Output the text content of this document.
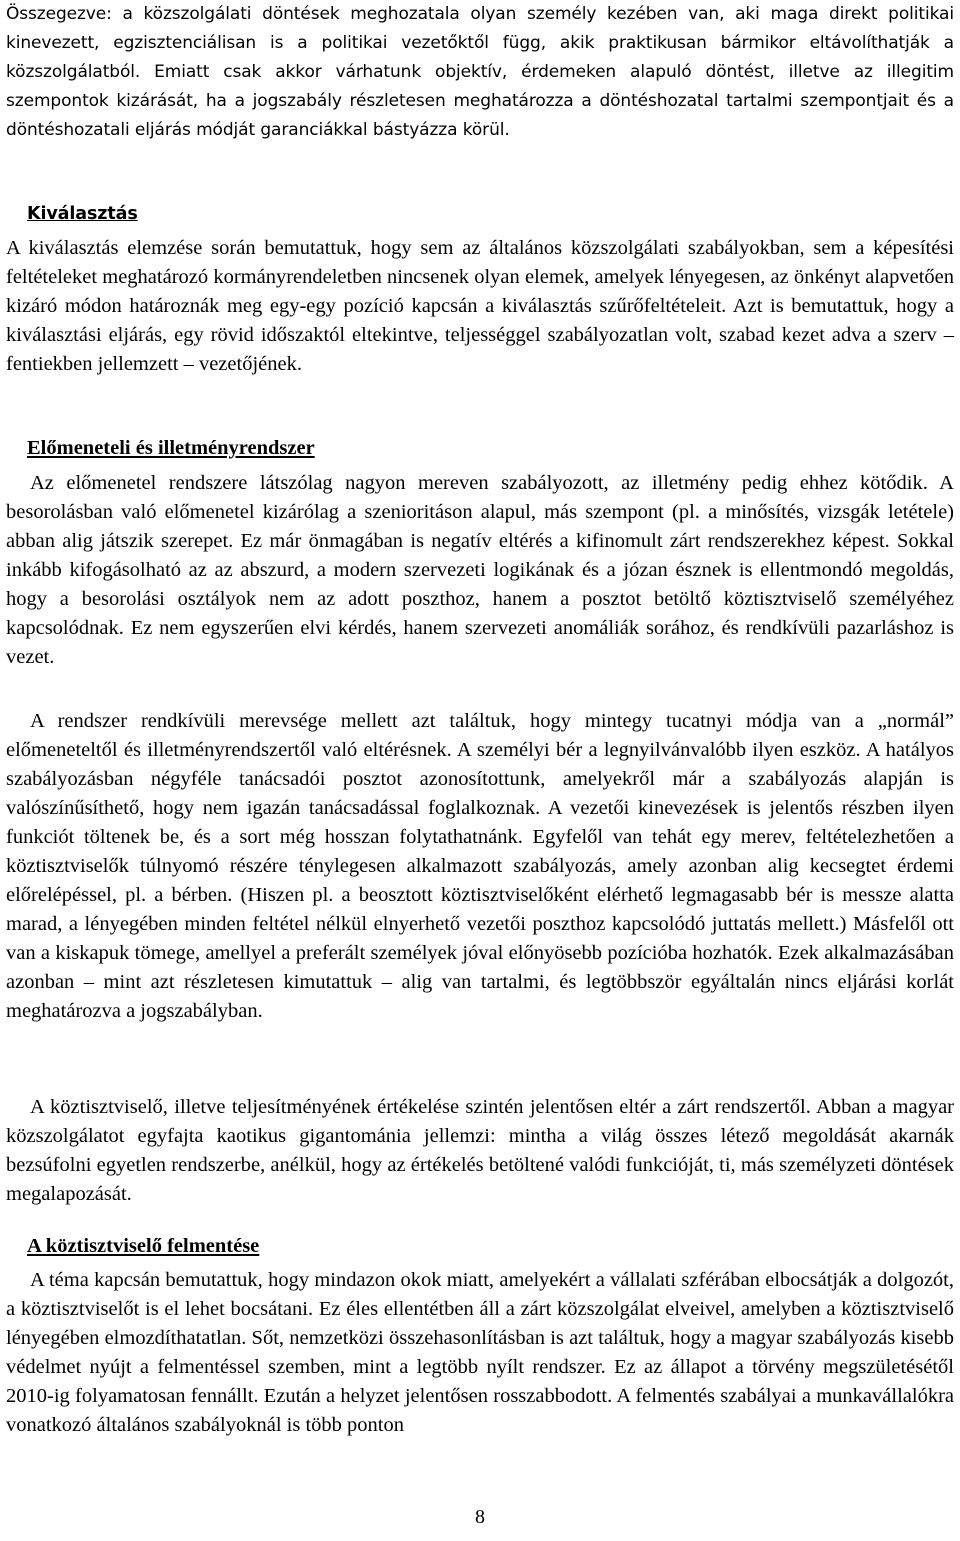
Összegezve: a közszolgálati döntések meghozatala olyan személy kezében van, aki maga direkt politikai kinevezett, egzisztenciálisan is a politikai vezetőktől függ, akik praktikusan bármikor eltávolíthatják a közszolgálatból. Emiatt csak akkor várhatunk objektív, érdemeken alapuló döntést, illetve az illegitim szempontok kizárását, ha a jogszabály részletesen meghatározza a döntéshozatal tartalmi szempontjait és a döntéshozatali eljárás módját garanciákkal bástyázza körül.

Kiválasztás

A kiválasztás elemzése során bemutattuk, hogy sem az általános közszolgálati szabályokban, sem a képesítési feltételeket meghatározó kormányrendeletben nincsenek olyan elemek, amelyek lényegesen, az önkényt alapvetően kizáró módon határoznák meg egy-egy pozíció kapcsán a kiválasztás szűrőfeltételeit. Azt is bemutattuk, hogy a kiválasztási eljárás, egy rövid időszaktól eltekintve, teljességgel szabályozatlan volt, szabad kezet adva a szerv – fentiekben jellemzett – vezetőjének.

Előmeneteli és illetményrendszer

Az előmenetel rendszere látszólag nagyon mereven szabályozott, az illetmény pedig ehhez kötődik. A besorolásban való előmenetel kizárólag a szenioritáson alapul, más szempont (pl. a minősítés, vizsgák letétele) abban alig játszik szerepet. Ez már önmagában is negatív eltérés a kifinomult zárt rendszerekhez képest. Sokkal inkább kifogásolható az az abszurd, a modern szervezeti logikának és a józan észnek is ellentmondó megoldás, hogy a besorolási osztályok nem az adott poszthoz, hanem a posztot betöltő köztisztviselő személyéhez kapcsolódnak. Ez nem egyszerűen elvi kérdés, hanem szervezeti anomáliák sorához, és rendkívüli pazarláshoz is vezet.

A rendszer rendkívüli merevsége mellett azt találtuk, hogy mintegy tucatnyi módja van a „normál” előmeneteltől és illetményrendszertől való eltérésnek. A személyi bér a legnyilvánvalóbb ilyen eszköz. A hatályos szabályozásban négyféle tanácsadói posztot azonosítottunk, amelyekről már a szabályozás alapján is valószínűsíthető, hogy nem igazán tanácsadással foglalkoznak. A vezetői kinevezések is jelentős részben ilyen funkciót töltenek be, és a sort még hosszan folytathatnánk. Egyfelől van tehát egy merev, feltételezhetően a köztisztviselők túlnyomó részére ténylegesen alkalmazott szabályozás, amely azonban alig kecsegtet érdemi előrelépéssel, pl. a bérben. (Hiszen pl. a beosztott köztisztviselőként elérhető legmagasabb bér is messze alatta marad, a lényegében minden feltétel nélkül elnyerhető vezetői poszthoz kapcsolódó juttatás mellett.) Másfelől ott van a kiskapuk tömege, amellyel a preferált személyek jóval előnyösebb pozícióba hozhatók. Ezek alkalmazásában azonban – mint azt részletesen kimutattuk – alig van tartalmi, és legtöbbször egyáltalán nincs eljárási korlát meghatározva a jogszabályban.

A köztisztviselő, illetve teljesítményének értékelése szintén jelentősen eltér a zárt rendszertől. Abban a magyar közszolgálatot egyfajta kaotikus gigantománia jellemzi: mintha a világ összes létező megoldását akarnák bezsúfolni egyetlen rendszerbe, anélkül, hogy az értékelés betöltené valódi funkcióját, ti, más személyzeti döntések megalapozását.

A köztisztviselő felmentése

A téma kapcsán bemutattuk, hogy mindazon okok miatt, amelyekért a vállalati szférában elbocsátják a dolgozót, a köztisztviselőt is el lehet bocsátani. Ez éles ellentétben áll a zárt közszolgálat elveivel, amelyben a köztisztviselő lényegében elmozdíthatatlan. Sőt, nemzetközi összehasonlításban is azt találtuk, hogy a magyar szabályozás kisebb védelmet nyújt a felmentéssel szemben, mint a legtöbb nyílt rendszer. Ez az állapot a törvény megszületésétől 2010-ig folyamatosan fennállt. Ezután a helyzet jelentősen rosszabbodott. A felmentés szabályai a munkavállalókra vonatkozó általános szabályoknál is több ponton

8
